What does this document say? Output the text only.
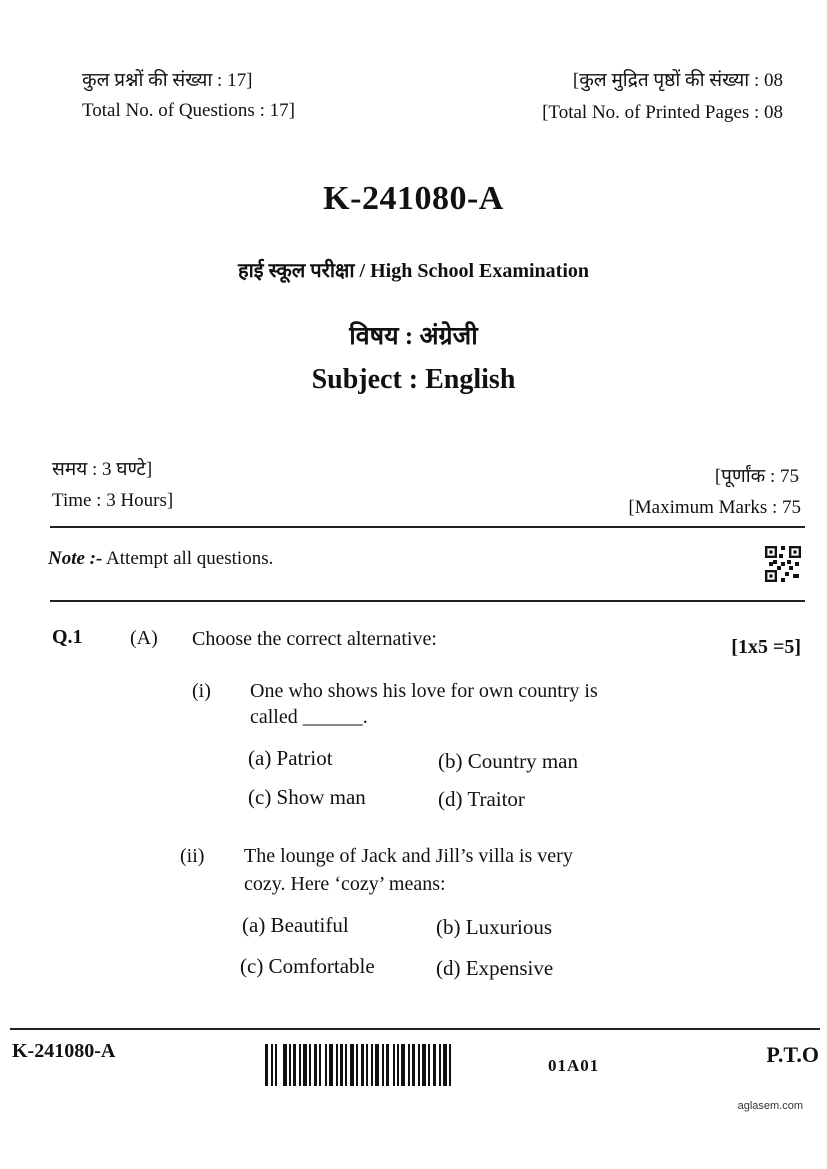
कुल प्रश्नों की संख्या : 17]
Total No. of Questions : 17]
[कुल मुद्रित पृष्ठों की संख्या : 08
[Total No. of Printed Pages : 08
K-241080-A
हाई स्कूल परीक्षा / High School Examination
विषय : अंग्रेजी
Subject : English
समय : 3 घण्टे]
Time : 3 Hours]
[पूर्णांक : 75
[Maximum Marks : 75
Note :- Attempt all questions.
Q.1 (A) Choose the correct alternative:	[1x5 =5]
(i) One who shows his love for own country is
called ______.
(a) Patriot	(b) Country man
(c) Show man	(d) Traitor
(ii) The lounge of Jack and Jill’s villa is very
cozy. Here ‘cozy’ means:
(a) Beautiful	(b) Luxurious
(c) Comfortable	(d) Expensive
K-241080-A
01A01	P.T.O
aglasem.com
